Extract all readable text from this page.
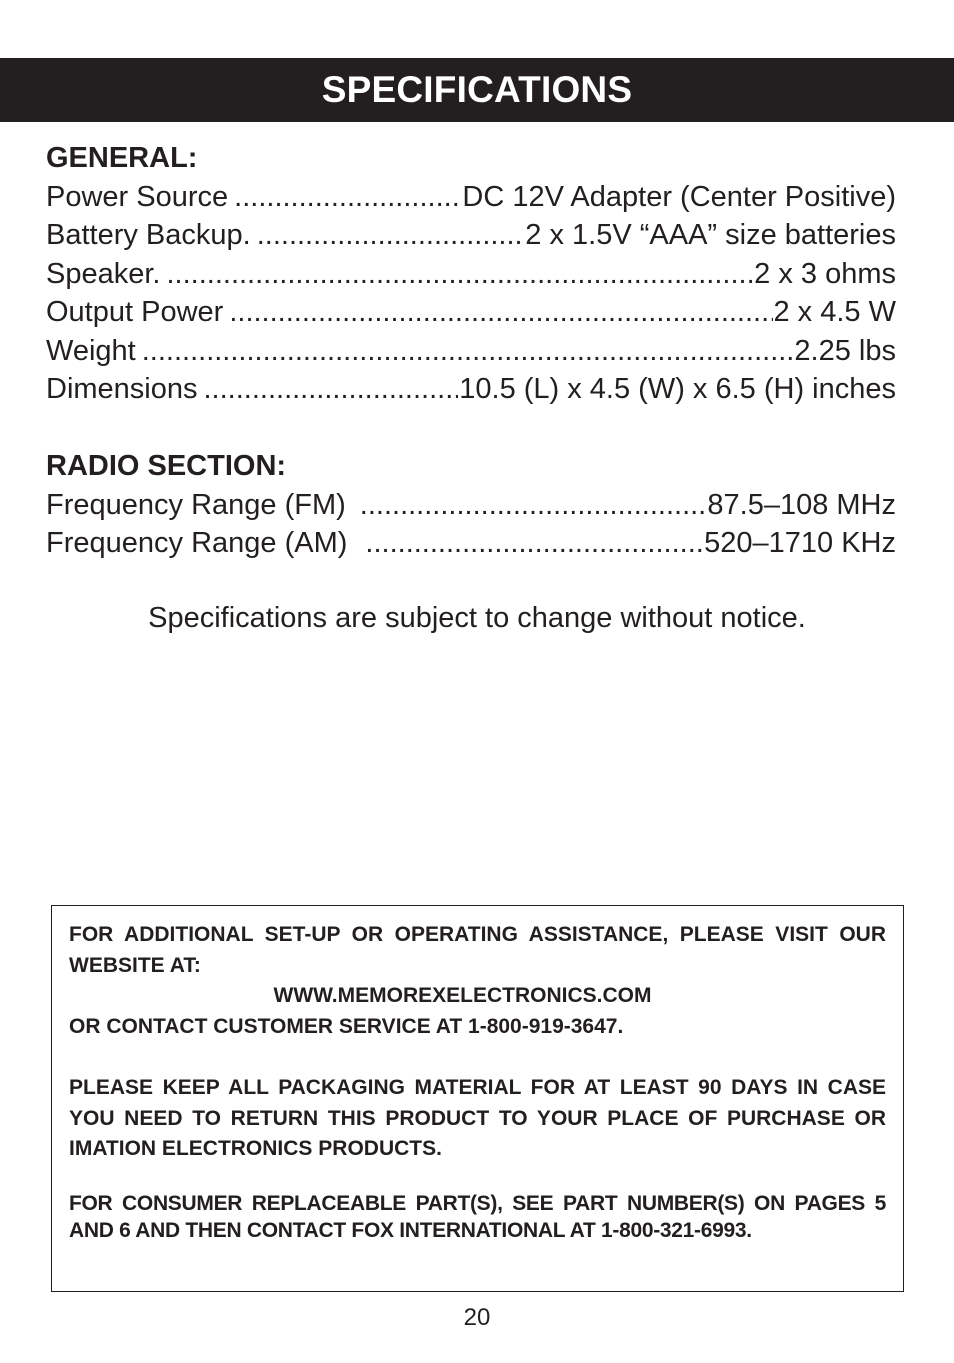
SPECIFICATIONS
GENERAL:
Power Source .....	DC 12V Adapter (Center Positive)
Battery Backup. .....	2 x 1.5V “AAA” size batteries
Speaker. .....	2 x 3 ohms
Output Power .....	2 x 4.5 W
Weight .....	2.25 lbs
Dimensions .....	10.5 (L) x 4.5 (W) x 6.5 (H) inches
RADIO SECTION:
Frequency Range (FM) .....	87.5–108 MHz
Frequency Range (AM) .....	520–1710 KHz
Specifications are subject to change without notice.

FOR ADDITIONAL SET-UP OR OPERATING ASSISTANCE, PLEASE VISIT OUR WEBSITE AT:

WWW.MEMOREXELECTRONICS.COM

OR CONTACT CUSTOMER SERVICE AT 1-800-919-3647.

PLEASE KEEP ALL PACKAGING MATERIAL FOR AT LEAST 90 DAYS IN CASE YOU NEED TO RETURN THIS PRODUCT TO YOUR PLACE OF PURCHASE OR IMATION ELECTRONICS PRODUCTS.

FOR CONSUMER REPLACEABLE PART(S), SEE PART NUMBER(S) ON PAGES 5 AND 6 AND THEN CONTACT FOX INTERNATIONAL AT 1-800-321-6993.

20
